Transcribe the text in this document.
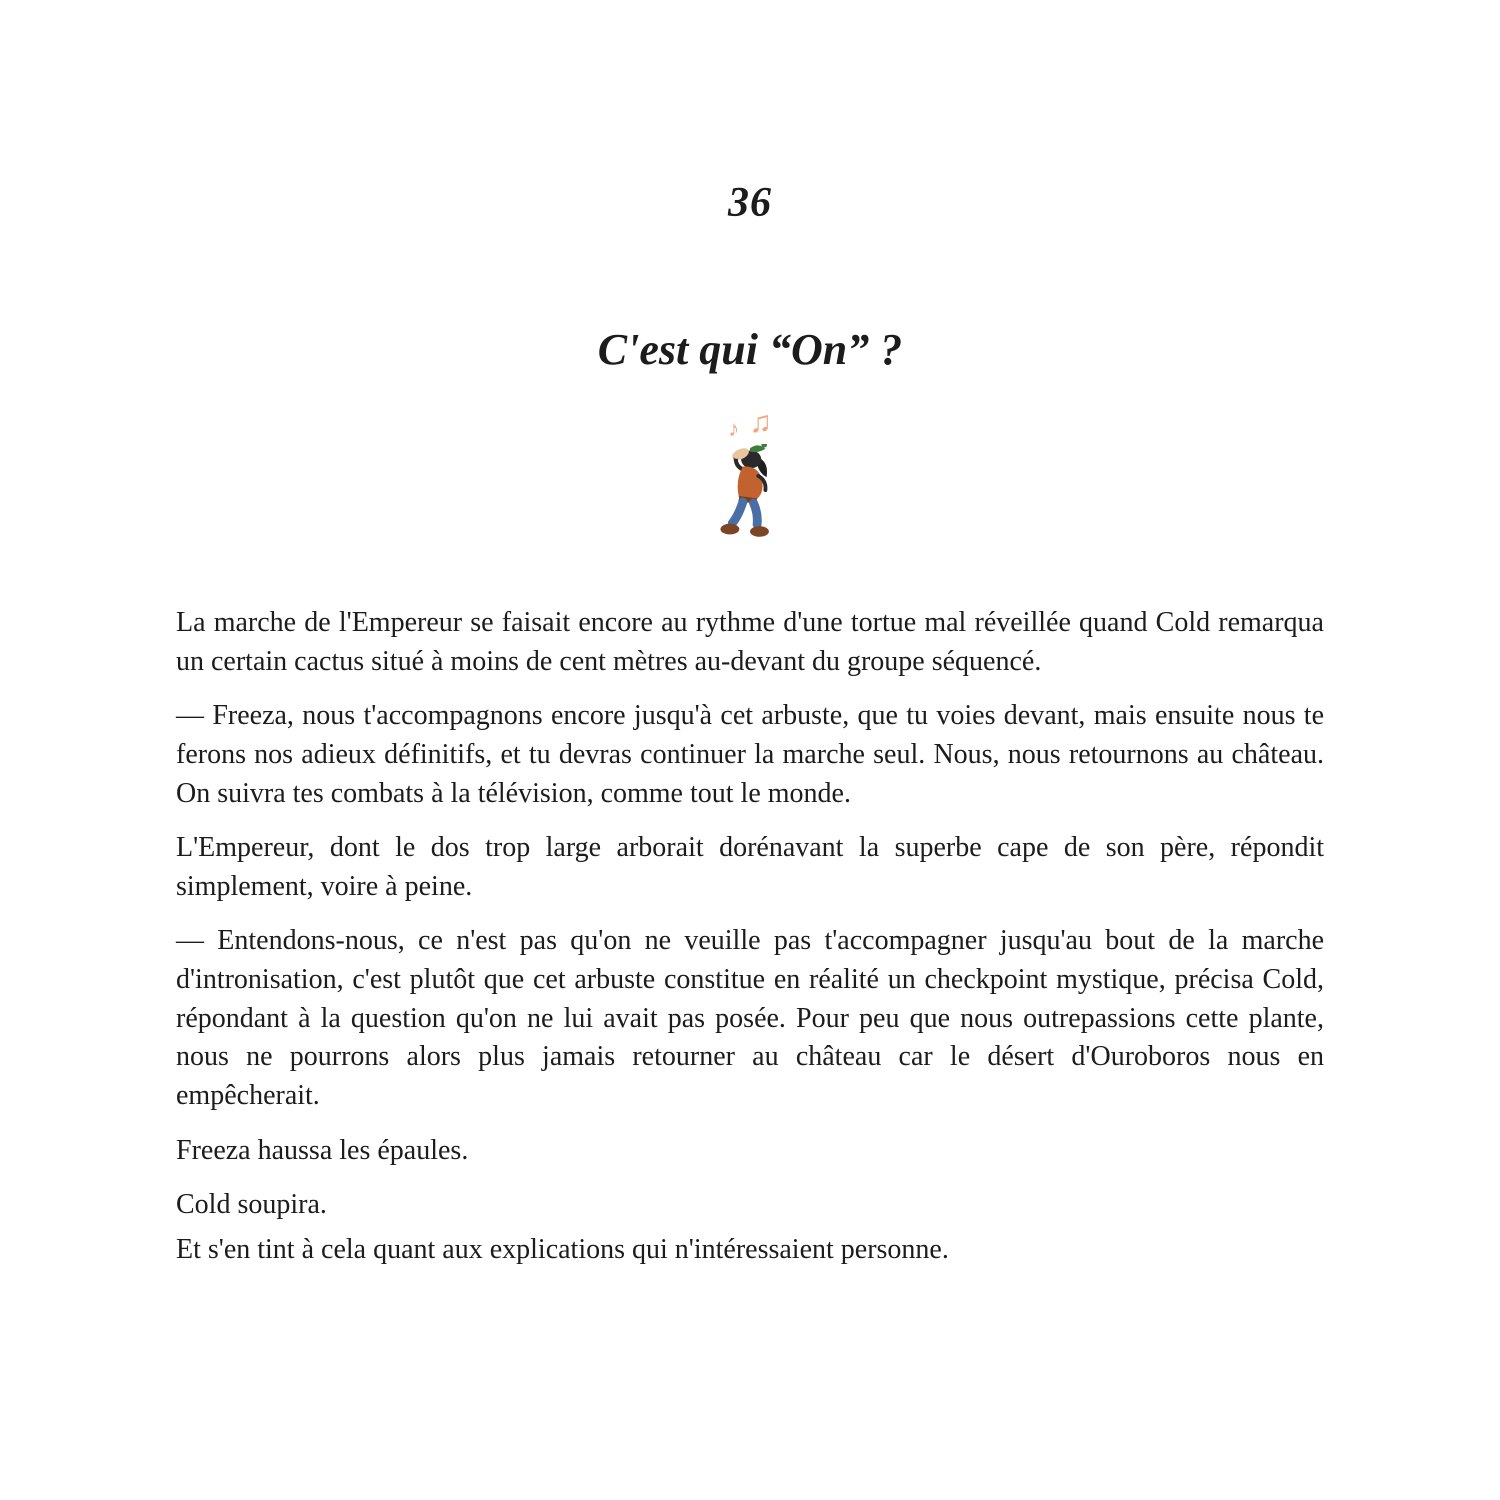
36
C'est qui “On” ?
♪ ♫

La marche de l'Empereur se faisait encore au rythme d'une tortue mal réveillée quand Cold remarqua un certain cactus situé à moins de cent mètres au-devant du groupe séquencé.

— Freeza, nous t'accompagnons encore jusqu'à cet arbuste, que tu voies devant, mais ensuite nous te ferons nos adieux définitifs, et tu devras continuer la marche seul. Nous, nous retournons au château. On suivra tes combats à la télévision, comme tout le monde.

L'Empereur, dont le dos trop large arborait dorénavant la superbe cape de son père, répondit simplement, voire à peine.

— Entendons-nous, ce n'est pas qu'on ne veuille pas t'accompagner jusqu'au bout de la marche d'intronisation, c'est plutôt que cet arbuste constitue en réalité un checkpoint mystique, précisa Cold, répondant à la question qu'on ne lui avait pas posée. Pour peu que nous outrepassions cette plante, nous ne pourrons alors plus jamais retourner au château car le désert d'Ouroboros nous en empêcherait.

Freeza haussa les épaules.

Cold soupira.

Et s'en tint à cela quant aux explications qui n'intéressaient personne.
